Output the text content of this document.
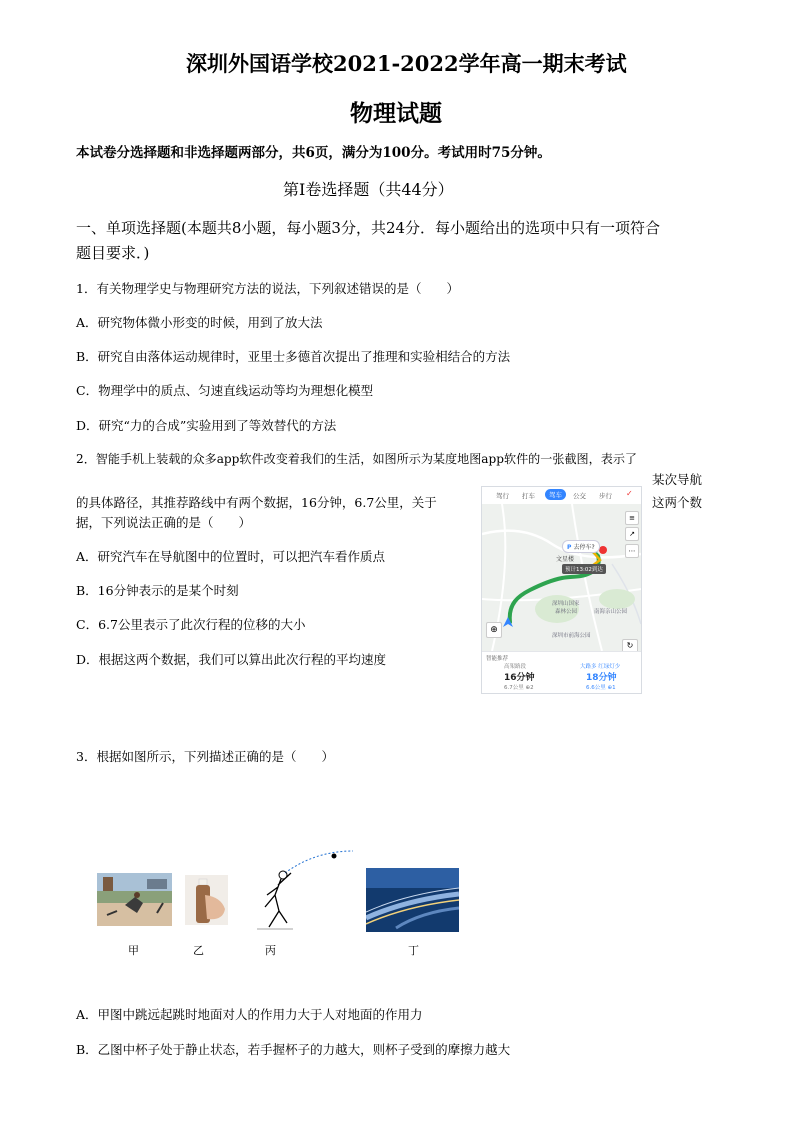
深圳外国语学校2021-2022学年高一期末考试
物理试题
本试卷分选择题和非选择题两部分，共6页，满分为100分。考试用时75分钟。
第I卷选择题（共44分）
一、单项选择题(本题共8小题，每小题3分，共24分．每小题给出的选项中只有一项符合
题目要求．)
1．有关物理学史与物理研究方法的说法，下列叙述错误的是（　　）
A．研究物体微小形变的时候，用到了放大法
B．研究自由落体运动规律时，亚里士多德首次提出了推理和实验相结合的方法
C．物理学中的质点、匀速直线运动等均为理想化模型
D．研究“力的合成”实验用到了等效替代的方法
2．智能手机上装载的众多app软件改变着我们的生活，如图所示为某度地图app软件的一张截图，表示了
某次导航
的具体路径，其推荐路线中有两个数据，16分钟，6.7公里，关于	这两个数
据，下列说法正确的是（　　）
A．研究汽车在导航图中的位置时，可以把汽车看作质点
B．16分钟表示的是某个时刻
C．6.7公里表示了此次行程的位移的大小
D．根据这两个数据，我们可以算出此次行程的平均速度
驾行 打车	驾车	公交 步行 ✓
P 去停车?
文星楼
预计13:02到达
深圳山国家
森林公园	南海亲山公园
深圳市前海公园
≡
↗
⋯
⊕
↻
智能推荐
高架路段
16分钟
6.7公里 ⊕2
大路多 红绿灯少
18分钟
6.6公里 ⊕1
3．根据如图所示，下列描述正确的是（　　）
甲	乙	丙	丁
A．甲图中跳远起跳时地面对人的作用力大于人对地面的作用力
B．乙图中杯子处于静止状态，若手握杯子的力越大，则杯子受到的摩擦力越大
